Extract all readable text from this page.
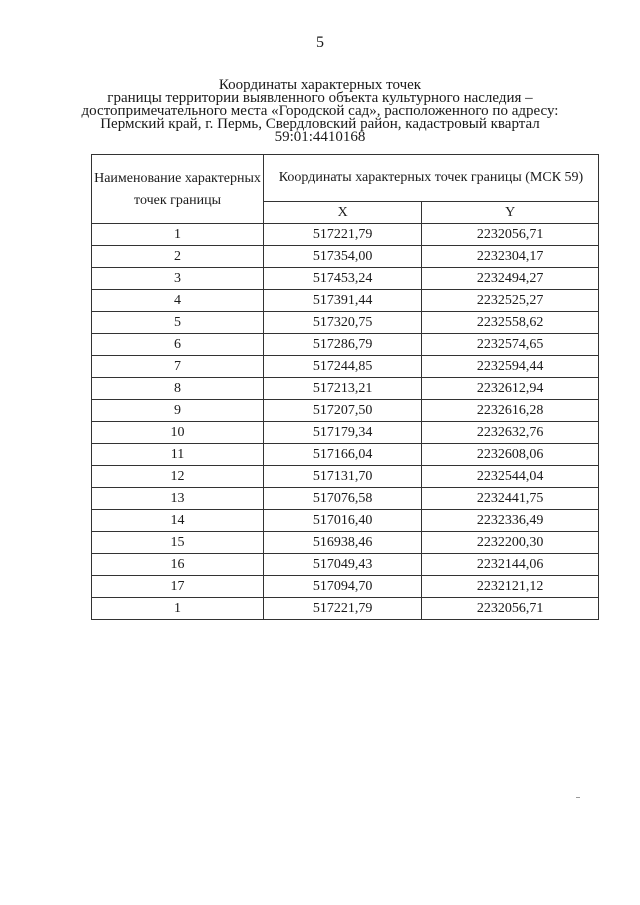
5
Координаты характерных точек
границы территории выявленного объекта культурного наследия –
достопримечательного места «Городской сад», расположенного по адресу:
Пермский край, г. Пермь, Свердловский район, кадастровый квартал
59:01:4410168
Наименование характерных точек границы	Координаты характерных точек границы (МСК 59)	
	X	Y
1	517221,79	2232056,71
2	517354,00	2232304,17
3	517453,24	2232494,27
4	517391,44	2232525,27
5	517320,75	2232558,62
6	517286,79	2232574,65
7	517244,85	2232594,44
8	517213,21	2232612,94
9	517207,50	2232616,28
10	517179,34	2232632,76
11	517166,04	2232608,06
12	517131,70	2232544,04
13	517076,58	2232441,75
14	517016,40	2232336,49
15	516938,46	2232200,30
16	517049,43	2232144,06
17	517094,70	2232121,12
1	517221,79	2232056,71
